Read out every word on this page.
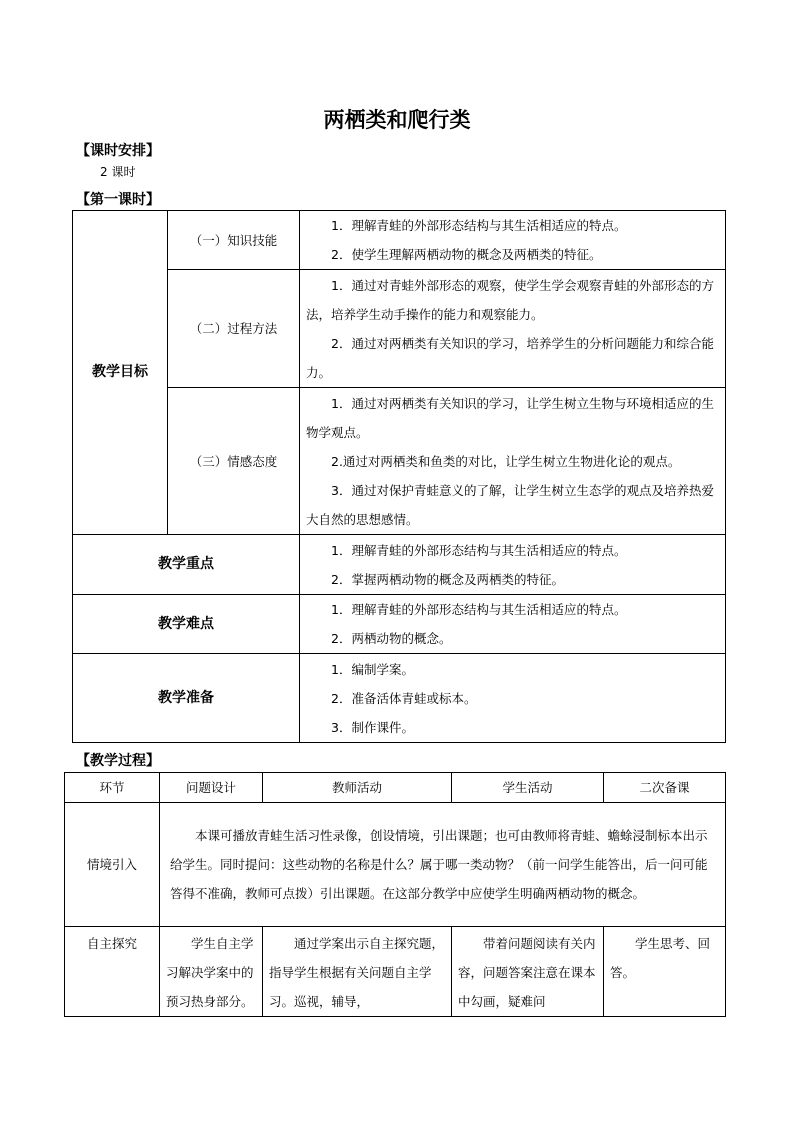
两栖类和爬行类
【课时安排】
2 课时
【第一课时】
教学目标	（一）知识技能	1．理解青蛙的外部形态结构与其生活相适应的特点。
2．使学生理解两栖动物的概念及两栖类的特征。

	（二）过程方法	1．通过对青蛙外部形态的观察，使学生学会观察青蛙的外部形态的方法，培养学生动手操作的能力和观察能力。
2．通过对两栖类有关知识的学习，培养学生的分析问题能力和综合能力。

	（三）情感态度	1．通过对两栖类有关知识的学习，让学生树立生物与环境相适应的生物学观点。
2.通过对两栖类和鱼类的对比，让学生树立生物进化论的观点。
3．通过对保护青蛙意义的了解，让学生树立生态学的观点及培养热爱大自然的思想感情。

教学重点		1．理解青蛙的外部形态结构与其生活相适应的特点。
2．掌握两栖动物的概念及两栖类的特征。

教学难点		1．理解青蛙的外部形态结构与其生活相适应的特点。
2．两栖动物的概念。

教学准备		1．编制学案。
2．准备活体青蛙或标本。
3．制作课件。
【教学过程】
环节	问题设计	教师活动	学生活动	二次备课
情境引入	本课可播放青蛙生活习性录像，创设情境，引出课题；也可由教师将青蛙、蟾蜍浸制标本出示给学生。同时提问：这些动物的名称是什么？属于哪一类动物？（前一问学生能答出，后一问可能答得不准确，教师可点拨）引出课题。在这部分教学中应使学生明确两栖动物的概念。			

自主探究	学生自主学习解决学案中的预习热身部分。	通过学案出示自主探究题，指导学生根据有关问题自主学习。巡视，辅导，	带着问题阅读有关内容，问题答案注意在课本中勾画，疑难问	学生思考、回答。
